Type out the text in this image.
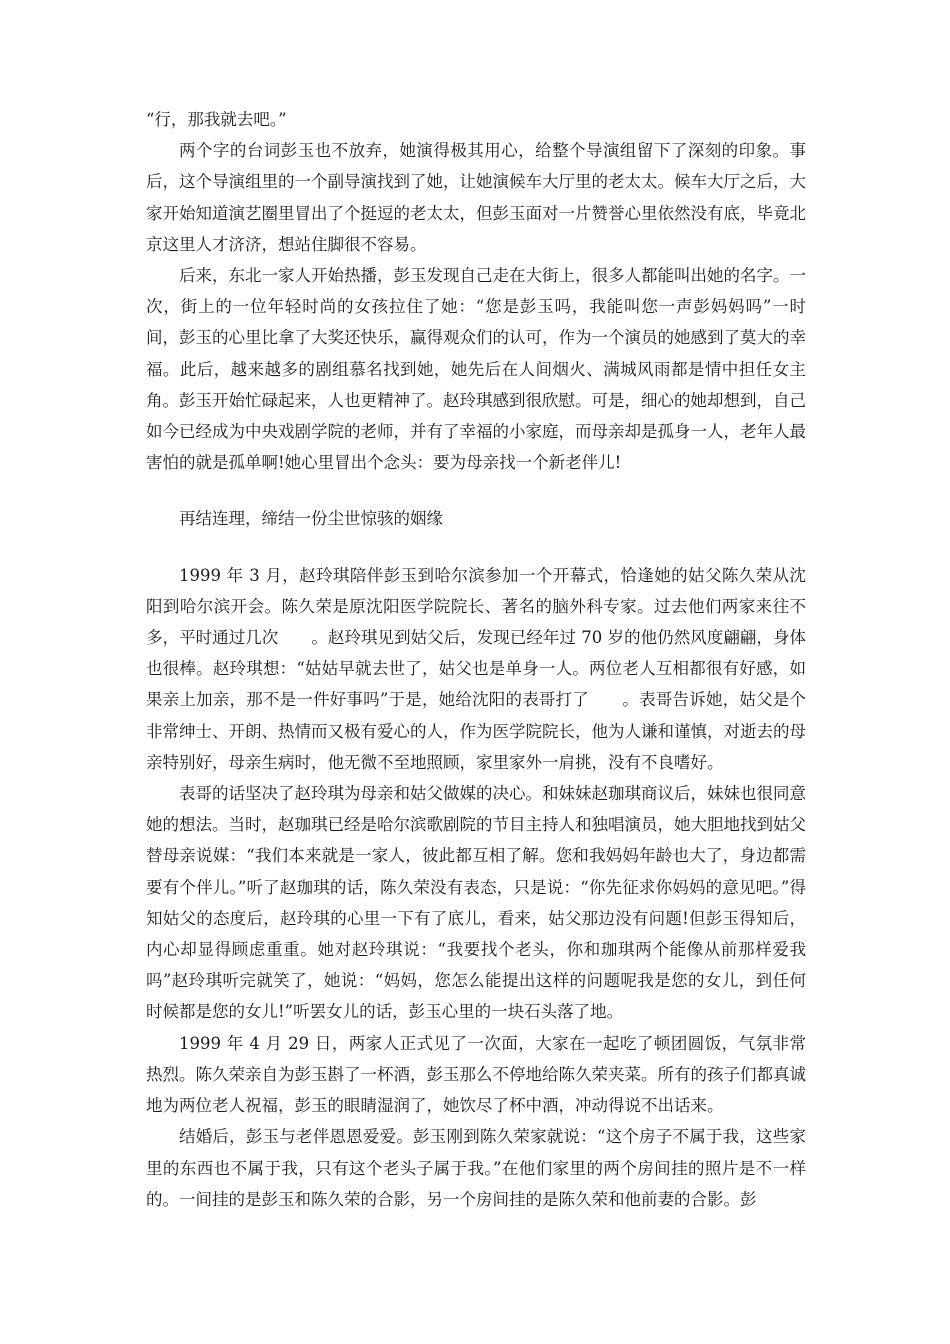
“行，那我就去吧。”

两个字的台词彭玉也不放弃，她演得极其用心，给整个导演组留下了深刻的印象。事后，这个导演组里的一个副导演找到了她，让她演候车大厅里的老太太。候车大厅之后，大家开始知道演艺圈里冒出了个挺逗的老太太，但彭玉面对一片赞誉心里依然没有底，毕竟北京这里人才济济，想站住脚很不容易。

后来，东北一家人开始热播，彭玉发现自己走在大街上，很多人都能叫出她的名字。一次，街上的一位年轻时尚的女孩拉住了她：“您是彭玉吗，我能叫您一声彭妈妈吗”一时间，彭玉的心里比拿了大奖还快乐，赢得观众们的认可，作为一个演员的她感到了莫大的幸福。此后，越来越多的剧组慕名找到她，她先后在人间烟火、满城风雨都是情中担任女主角。彭玉开始忙碌起来，人也更精神了。赵玲琪感到很欣慰。可是，细心的她却想到，自己如今已经成为中央戏剧学院的老师，并有了幸福的小家庭，而母亲却是孤身一人，老年人最害怕的就是孤单啊!她心里冒出个念头：要为母亲找一个新老伴儿!

再结连理，缔结一份尘世惊骇的姻缘

1999 年 3 月，赵玲琪陪伴彭玉到哈尔滨参加一个开幕式，恰逢她的姑父陈久荣从沈阳到哈尔滨开会。陈久荣是原沈阳医学院院长、著名的脑外科专家。过去他们两家来往不多，平时通过几次　　。赵玲琪见到姑父后，发现已经年过 70 岁的他仍然风度翩翩，身体也很棒。赵玲琪想：“姑姑早就去世了，姑父也是单身一人。两位老人互相都很有好感，如果亲上加亲，那不是一件好事吗”于是，她给沈阳的表哥打了　　。表哥告诉她，姑父是个非常绅士、开朗、热情而又极有爱心的人，作为医学院院长，他为人谦和谨慎，对逝去的母亲特别好，母亲生病时，他无微不至地照顾，家里家外一肩挑，没有不良嗜好。

表哥的话坚决了赵玲琪为母亲和姑父做媒的决心。和妹妹赵珈琪商议后，妹妹也很同意她的想法。当时，赵珈琪已经是哈尔滨歌剧院的节目主持人和独唱演员，她大胆地找到姑父替母亲说媒：“我们本来就是一家人，彼此都互相了解。您和我妈妈年龄也大了，身边都需要有个伴儿。”听了赵珈琪的话，陈久荣没有表态，只是说：“你先征求你妈妈的意见吧。”得知姑父的态度后，赵玲琪的心里一下有了底儿，看来，姑父那边没有问题!但彭玉得知后，内心却显得顾虑重重。她对赵玲琪说：“我要找个老头，你和珈琪两个能像从前那样爱我吗”赵玲琪听完就笑了，她说：“妈妈，您怎么能提出这样的问题呢我是您的女儿，到任何时候都是您的女儿!”听罢女儿的话，彭玉心里的一块石头落了地。

1999 年 4 月 29 日，两家人正式见了一次面，大家在一起吃了顿团圆饭，气氛非常热烈。陈久荣亲自为彭玉斟了一杯酒，彭玉那么不停地给陈久荣夹菜。所有的孩子们都真诚地为两位老人祝福，彭玉的眼睛湿润了，她饮尽了杯中酒，冲动得说不出话来。

结婚后，彭玉与老伴恩恩爱爱。彭玉刚到陈久荣家就说：“这个房子不属于我，这些家里的东西也不属于我，只有这个老头子属于我。”在他们家里的两个房间挂的照片是不一样的。一间挂的是彭玉和陈久荣的合影，另一个房间挂的是陈久荣和他前妻的合影。彭
